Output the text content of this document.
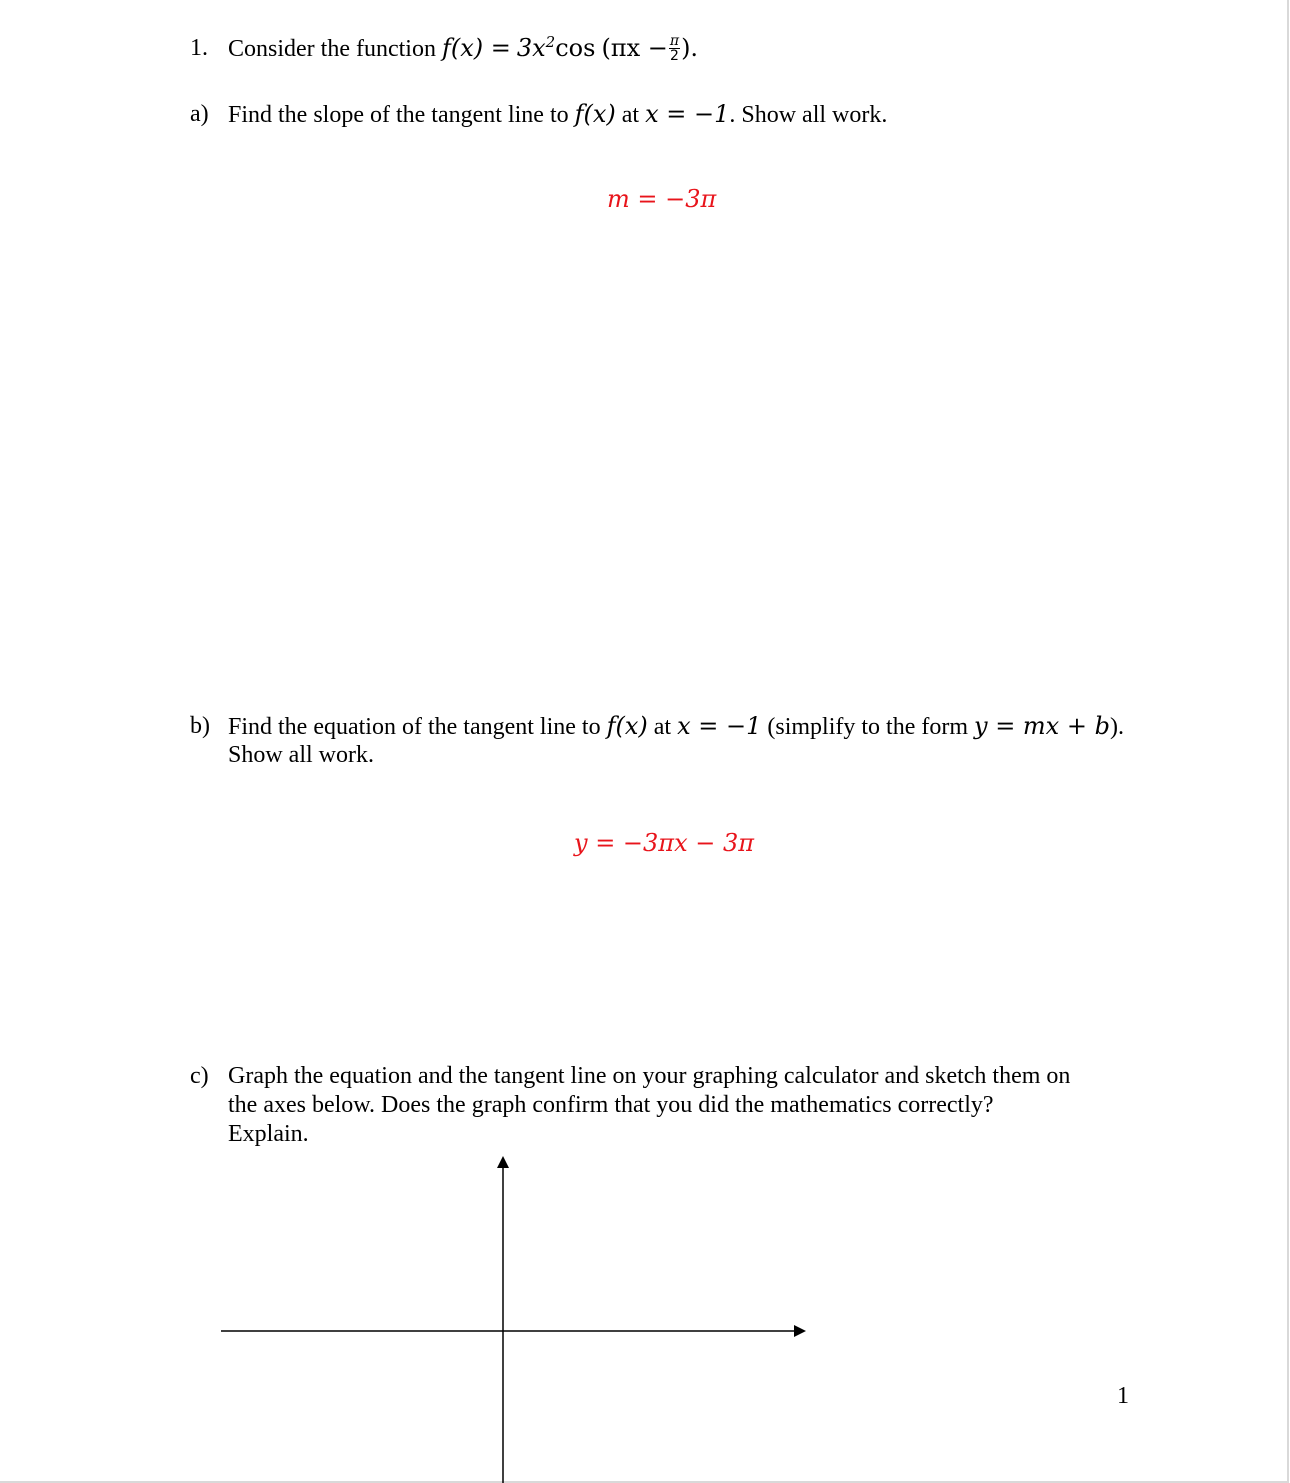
1. Consider the function $f(x) = 3x^2\cos$ ($\pi x - \frac{\pi}{2}$ ).
a) Find the slope of the tangent line to f(x) at x = −1. Show all work.
m = −3π
b) Find the equation of the tangent line to f(x) at x = −1 (simplify to the form y = mx + b).
Show all work.
y = −3πx − 3π
c) Graph the equation and the tangent line on your graphing calculator and sketch them on
the axes below. Does the graph confirm that you did the mathematics correctly?
Explain.
1
